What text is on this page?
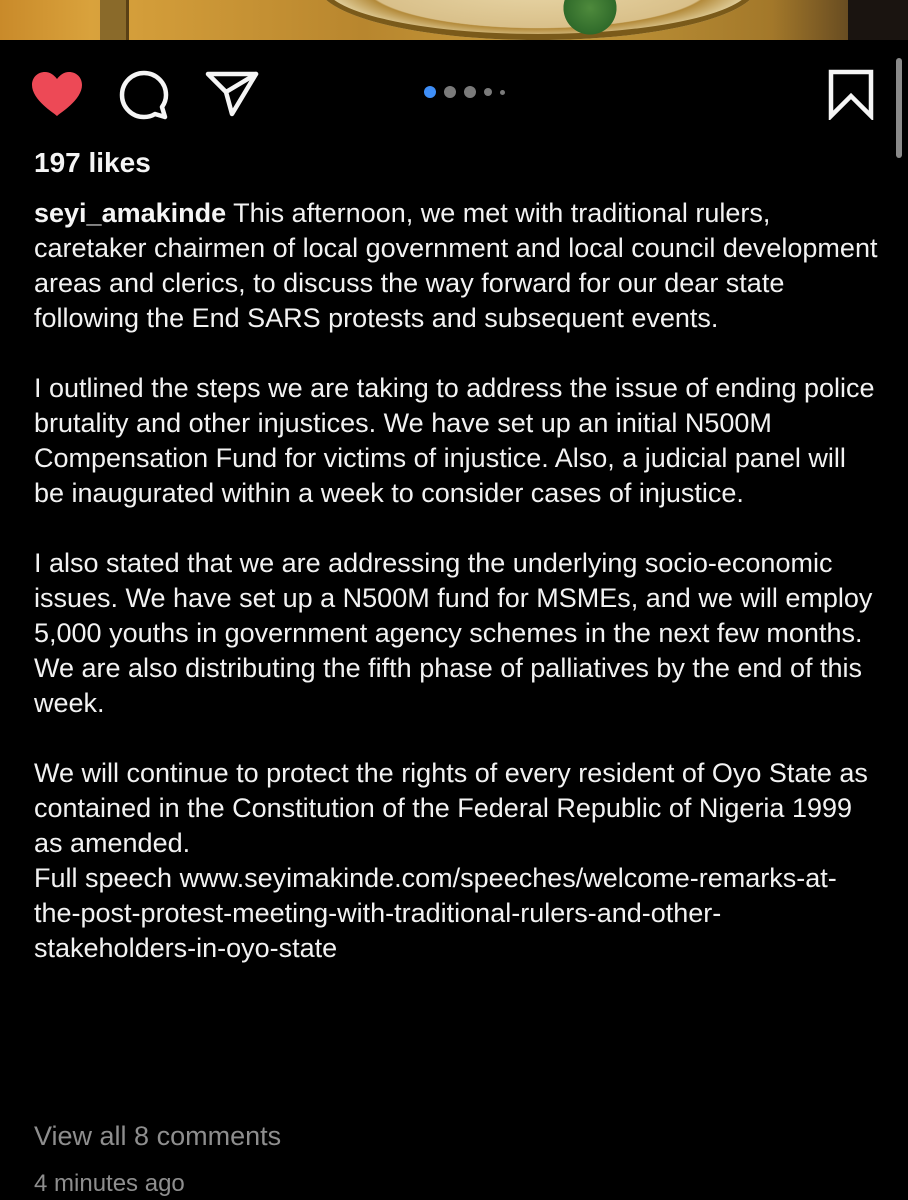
197 likes

seyi_amakinde This afternoon, we met with traditional rulers, caretaker chairmen of local government and local council development areas and clerics, to discuss the way forward for our dear state following the End SARS protests and subsequent events.

I outlined the steps we are taking to address the issue of ending police brutality and other injustices. We have set up an initial N500M Compensation Fund for victims of injustice. Also, a judicial panel will be inaugurated within a week to consider cases of injustice.

I also stated that we are addressing the underlying socio-economic issues. We have set up a N500M fund for MSMEs, and we will employ 5,000 youths in government agency schemes in the next few months. We are also distributing the fifth phase of palliatives by the end of this week.

We will continue to protect the rights of every resident of Oyo State as contained in the Constitution of the Federal Republic of Nigeria 1999 as amended.

Full speech www.seyimakinde.com/speeches/welcome-remarks-at-the-post-protest-meeting-with-traditional-rulers-and-other-stakeholders-in-oyo-state

View all 8 comments
4 minutes ago
